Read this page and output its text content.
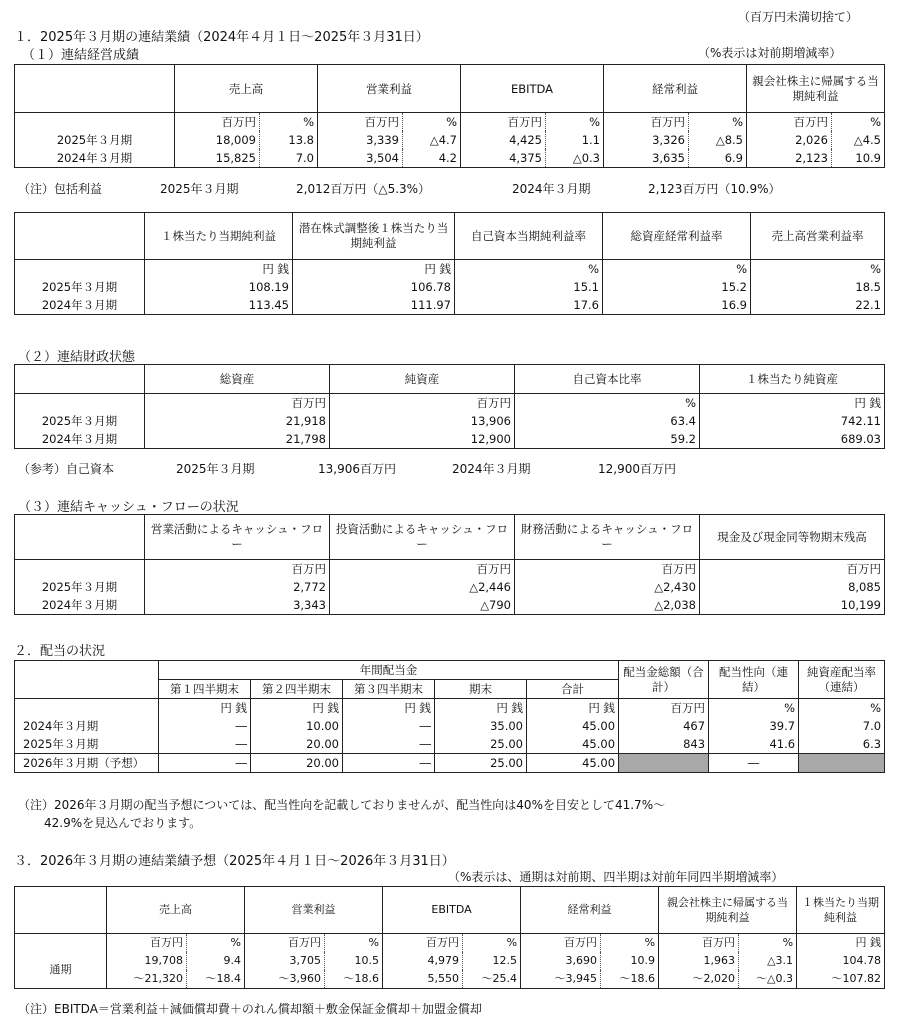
（百万円未満切捨て）
１．2025年３月期の連結業績（2024年４月１日～2025年３月31日）
（１）連結経営成績	（%表示は対前期増減率）
	売上高		営業利益		EBITDA		経常利益		親会社株主に帰属する当期純利益	
	百万円	%	百万円	%	百万円	%	百万円	%	百万円	%
2025年３月期	18,009	13.8	3,339	△4.7	4,425	1.1	3,326	△8.5	2,026	△4.5
2024年３月期	15,825	7.0	3,504	4.2	4,375	△0.3	3,635	6.9	2,123	10.9
（注）包括利益	2025年３月期	2,012百万円（△5.3%）	2024年３月期	2,123百万円（10.9%）
	１株当たり当期純利益	潜在株式調整後１株当たり当期純利益	自己資本当期純利益率	総資産経常利益率	売上高営業利益率
	円 銭	円 銭	%	%	%
2025年３月期	108.19	106.78	15.1	15.2	18.5
2024年３月期	113.45	111.97	17.6	16.9	22.1
（２）連結財政状態
	総資産	純資産	自己資本比率	１株当たり純資産
	百万円	百万円	%	円 銭
2025年３月期	21,918	13,906	63.4	742.11
2024年３月期	21,798	12,900	59.2	689.03
（参考）自己資本	2025年３月期	13,906百万円	2024年３月期	12,900百万円
（３）連結キャッシュ・フローの状況
	営業活動によるキャッシュ・フロー	投資活動によるキャッシュ・フロー	財務活動によるキャッシュ・フロー	現金及び現金同等物期末残高
	百万円	百万円	百万円	百万円
2025年３月期	2,772	△2,446	△2,430	8,085
2024年３月期	3,343	△790	△2,038	10,199
２．配当の状況
	年間配当金					配当金総額（合計）	配当性向（連結）	純資産配当率（連結）
	第１四半期末	第２四半期末	第３四半期末	期末	合計			
	円 銭	円 銭	円 銭	円 銭	円 銭	百万円	%	%
2024年３月期	―	10.00	―	35.00	45.00	467	39.7	7.0
2025年３月期	―	20.00	―	25.00	45.00	843	41.6	6.3
2026年３月期（予想）	―	20.00	―	25.00	45.00		―	
（注）2026年３月期の配当予想については、配当性向を記載しておりませんが、配当性向は40%を目安として41.7%～
42.9%を見込んでおります。
３．2026年３月期の連結業績予想（2025年４月１日～2026年３月31日）
（%表示は、通期は対前期、四半期は対前年同四半期増減率）
	売上高		営業利益		EBITDA		経常利益		親会社株主に帰属する当期純利益		１株当たり当期純利益
	百万円	%	百万円	%	百万円	%	百万円	%	百万円	%	円 銭
通期	19,708	9.4	3,705	10.5	4,979	12.5	3,690	10.9	1,963	△3.1	104.78
	～21,320	～18.4	～3,960	～18.6	5,550	～25.4	～3,945	～18.6	～2,020	～△0.3	～107.82
（注）EBITDA＝営業利益＋減価償却費＋のれん償却額＋敷金保証金償却＋加盟金償却
